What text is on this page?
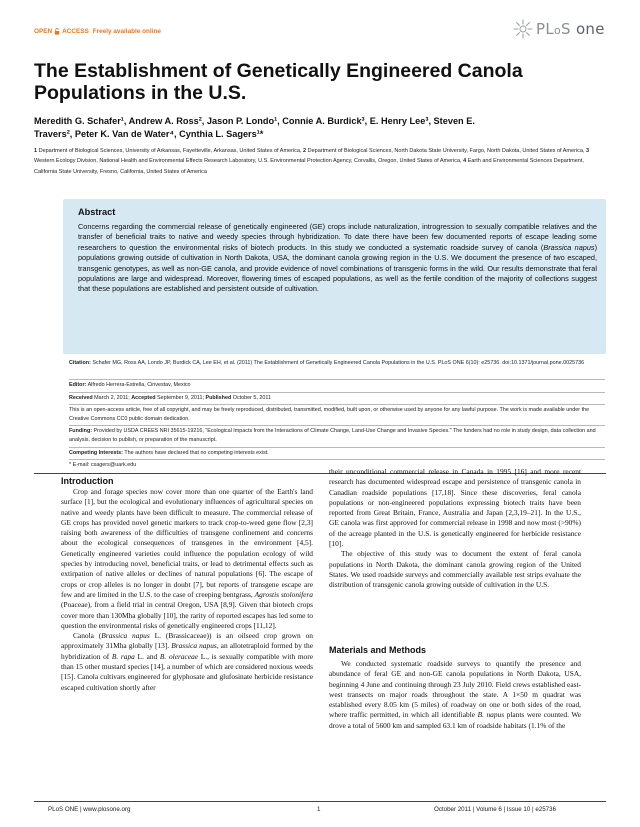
OPEN ACCESS Freely available online	PLoS one
The Establishment of Genetically Engineered Canola
Populations in the U.S.
Meredith G. Schafer¹, Andrew A. Ross², Jason P. Londo¹, Connie A. Burdick³, E. Henry Lee³, Steven E.
Travers², Peter K. Van de Water⁴, Cynthia L. Sagers¹*
1 Department of Biological Sciences, University of Arkansas, Fayetteville, Arkansas, United States of America, 2 Department of Biological Sciences, North Dakota State University, Fargo, North Dakota, United States of America, 3 Western Ecology Division, National Health and Environmental Effects Research Laboratory, U.S. Environmental Protection Agency, Corvallis, Oregon, United States of America, 4 Earth and Environmental Sciences Department, California State University, Fresno, California, United States of America
Abstract
Concerns regarding the commercial release of genetically engineered (GE) crops include naturalization, introgression to sexually compatible relatives and the transfer of beneficial traits to native and weedy species through hybridization. To date there have been few documented reports of escape leading some researchers to question the environmental risks of biotech products. In this study we conducted a systematic roadside survey of canola (Brassica napus) populations growing outside of cultivation in North Dakota, USA, the dominant canola growing region in the U.S. We document the presence of two escaped, transgenic genotypes, as well as non-GE canola, and provide evidence of novel combinations of transgenic forms in the wild. Our results demonstrate that feral populations are large and widespread. Moreover, flowering times of escaped populations, as well as the fertile condition of the majority of collections suggest that these populations are established and persistent outside of cultivation.
Citation: Schafer MG, Ross AA, Londo JP, Burdick CA, Lee EH, et al. (2011) The Establishment of Genetically Engineered Canola Populations in the U.S. PLoS ONE 6(10): e25736. doi:10.1371/journal.pone.0025736
Editor: Alfredo Herrera-Estrella, Cinvestav, Mexico
Received March 2, 2011; Accepted September 9, 2011; Published October 5, 2011
This is an open-access article, free of all copyright, and may be freely reproduced, distributed, transmitted, modified, built upon, or otherwise used by anyone for any lawful purpose. The work is made available under the Creative Commons CC0 public domain dedication.
Funding: Provided by USDA CREES NRI 35615-19216, "Ecological Impacts from the Interactions of Climate Change, Land-Use Change and Invasive Species." The funders had no role in study design, data collection and analysis, decision to publish, or preparation of the manuscript.
Competing Interests: The authors have declared that no competing interests exist.
* E-mail: csagers@uark.edu
Introduction

Crop and forage species now cover more than one quarter of the Earth's land surface [1], but the ecological and evolutionary influences of agricultural species on native and weedy plants have been difficult to measure. The commercial release of GE crops has provided novel genetic markers to track crop-to-weed gene flow [2,3] raising both awareness of the difficulties of transgene confinement and concerns about the ecological consequences of transgenes in the environment [4,5]. Genetically engineered varieties could influence the population ecology of wild species by introducing novel, beneficial traits, or lead to detrimental effects such as extirpation of native alleles or declines of natural populations [6]. The escape of crops or crop alleles is no longer in doubt [7], but reports of transgene escape are few and are limited in the U.S. to the case of creeping bentgrass, Agrostis stolonifera (Poaceae), from a field trial in central Oregon, USA [8,9]. Given that biotech crops cover more than 130Mha globally [10], the rarity of reported escapes has led some to question the environmental risks of genetically engineered crops [11,12].

Canola (Brassica napus L. (Brassicaceae)) is an oilseed crop grown on approximately 31Mha globally [13]. Brassica napus, an allotetraploid formed by the hybridization of B. rapa L. and B. oleraceae L., is sexually compatible with more than 15 other mustard species [14], a number of which are considered noxious weeds [15]. Canola cultivars engineered for glyphosate and glufosinate herbicide resistance escaped cultivation shortly after

their unconditional commercial release in Canada in 1995 [16] and more recent research has documented widespread escape and persistence of transgenic canola in Canadian roadside populations [17,18]. Since these discoveries, feral canola populations or non-engineered populations expressing biotech traits have been reported from Great Britain, France, Australia and Japan [2,3,19–21]. In the U.S., GE canola was first approved for commercial release in 1998 and now most (>90%) of the acreage planted in the U.S. is genetically engineered for herbicide resistance [10].

The objective of this study was to document the extent of feral canola populations in North Dakota, the dominant canola growing region of the United States. We used roadside surveys and commercially available test strips evaluate the distribution of transgenic canola growing outside of cultivation in the U.S.

Materials and Methods

We conducted systematic roadside surveys to quantify the presence and abundance of feral GE and non-GE canola populations in North Dakota, USA, beginning 4 June and continuing through 23 July 2010. Field crews established east-west transects on major roads throughout the state. A 1×50 m quadrat was established every 8.05 km (5 miles) of roadway on one or both sides of the road, where traffic permitted, in which all identifiable B. napus plants were counted. We drove a total of 5600 km and sampled 63.1 km of roadside habitats (1.1% of the

PLoS ONE | www.plosone.org	1	October 2011 | Volume 6 | Issue 10 | e25736
